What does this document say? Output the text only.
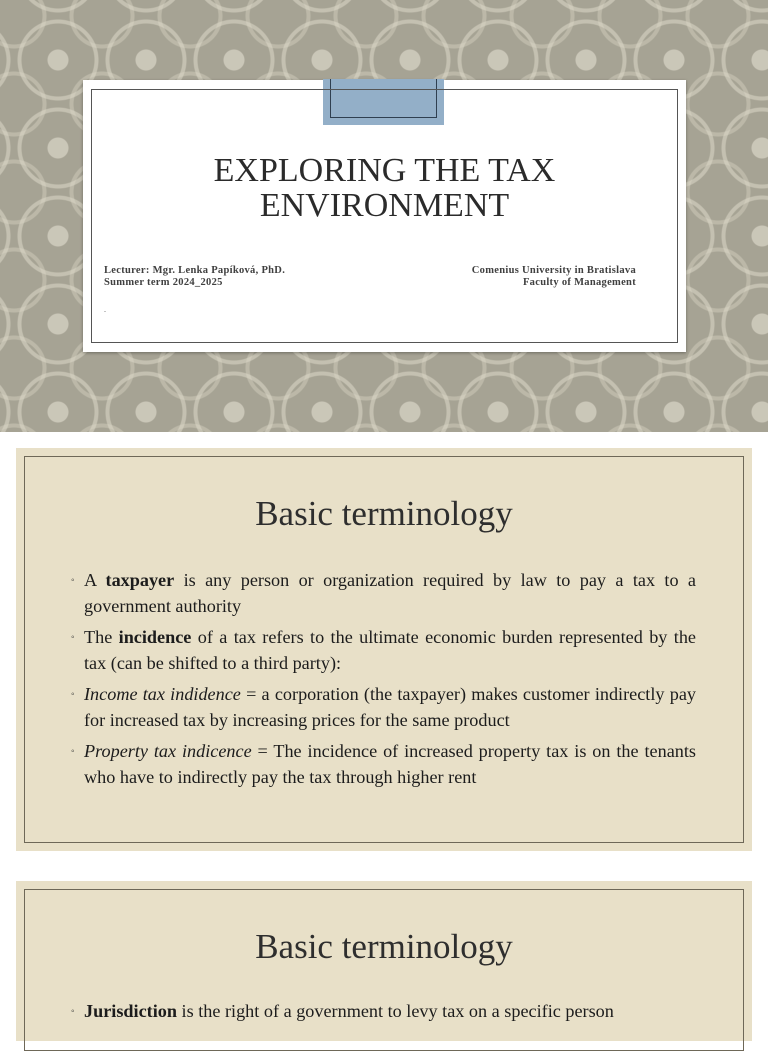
EXPLORING THE TAX ENVIRONMENT
Lecturer: Mgr. Lenka Papíková, PhD.
Summer term 2024_2025
Comenius University in Bratislava
Faculty of Management
.
Basic terminology
◦ A taxpayer is any person or organization required by law to pay a tax to a government authority
◦ The incidence of a tax refers to the ultimate economic burden represented by the tax (can be shifted to a third party):
◦ Income tax indidence = a corporation (the taxpayer) makes customer indirectly pay for increased tax by increasing prices for the same product
◦ Property tax indicence = The incidence of increased property tax is on the tenants who have to indirectly pay the tax through higher rent
Basic terminology
◦ Jurisdiction is the right of a government to levy tax on a specific person
